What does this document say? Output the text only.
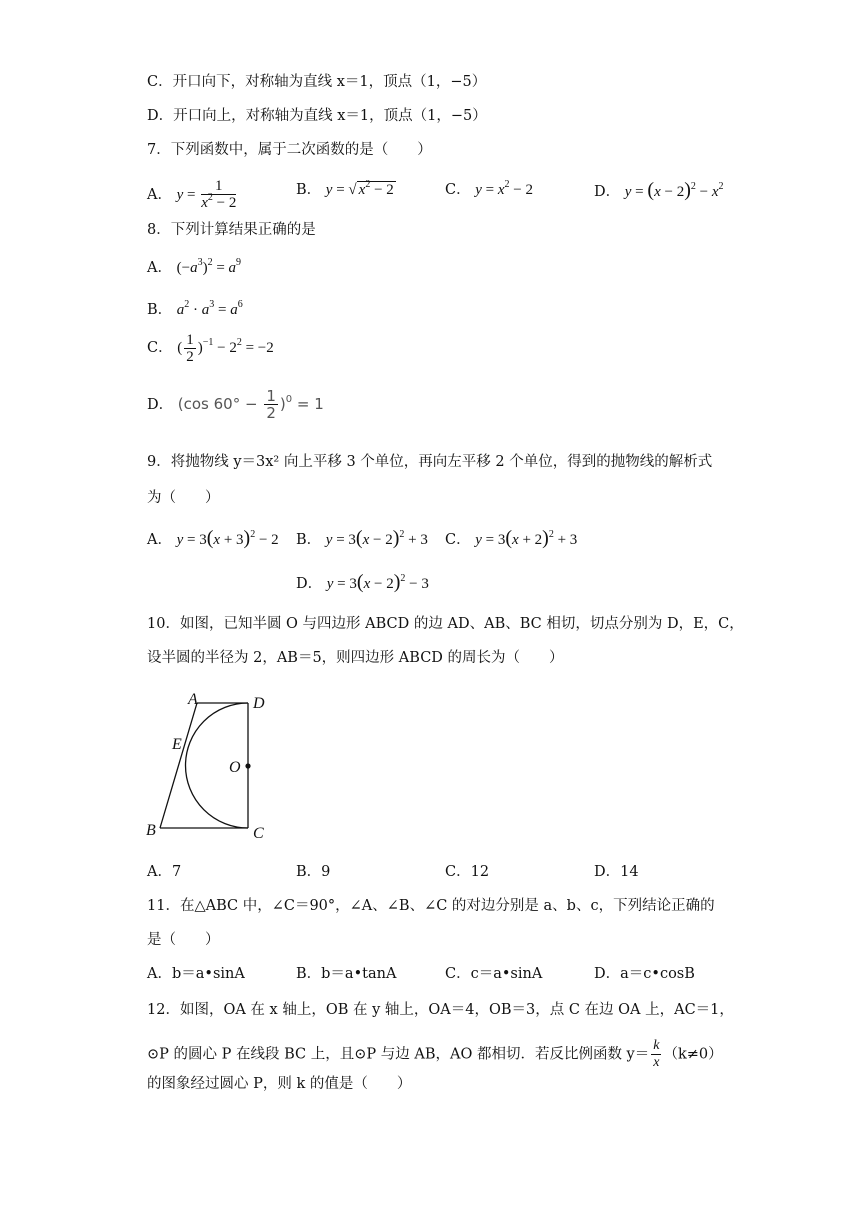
C．开口向下，对称轴为直线 x＝1，顶点（1，−5）
D．开口向上，对称轴为直线 x＝1，顶点（1，−5）
7．下列函数中，属于二次函数的是（　　）
A． $y = \frac{1}{x^2 - 2}$	B． y = √ $x^2 - 2$	C． $y = x^2 - 2$	D． $y = (x - 2)^2 - x^2$
8．下列计算结果正确的是
A． $(-a^3)^2 = a^9$
B． $a^2 \cdot a^3 = a^6$
C． ( $\frac{1}{2} )^{-1} - 2^2 = -2$
D． (cos $60^\circ - \frac{1}{2} )^0 = 1$
9．将抛物线 y＝3x² 向上平移 3 个单位，再向左平移 2 个单位，得到的抛物线的解析式
为（　　）
A． $y = 3(x + 3)^2 - 2$ B． $y = 3(x - 2)^2 + 3$ C． $y = 3(x + 2)^2 + 3$
D． $y = 3(x - 2)^2 - 3$
10．如图，已知半圆 O 与四边形 ABCD 的边 AD、AB、BC 相切，切点分别为 D，E，C，
设半圆的半径为 2，AB＝5，则四边形 ABCD 的周长为（　　）
A	D
E
O
B	C
A．7	B．9	C．12	D．14
11．在△ABC 中，∠C＝90°，∠A、∠B、∠C 的对边分别是 a、b、c，下列结论正确的
是（　　）
A．b＝a•sinA	B．b＝a•tanA	C．c＝a•sinA	D．a＝c•cosB
12．如图，OA 在 x 轴上，OB 在 y 轴上，OA＝4，OB＝3，点 C 在边 OA 上，AC＝1，
⊙P 的圆心 P 在线段 BC 上，且⊙P 与边 AB，AO 都相切．若反比例函数 $y= \frac{k}{x} (k\ne 0)$
的图象经过圆心 P，则 k 的值是（　　）
